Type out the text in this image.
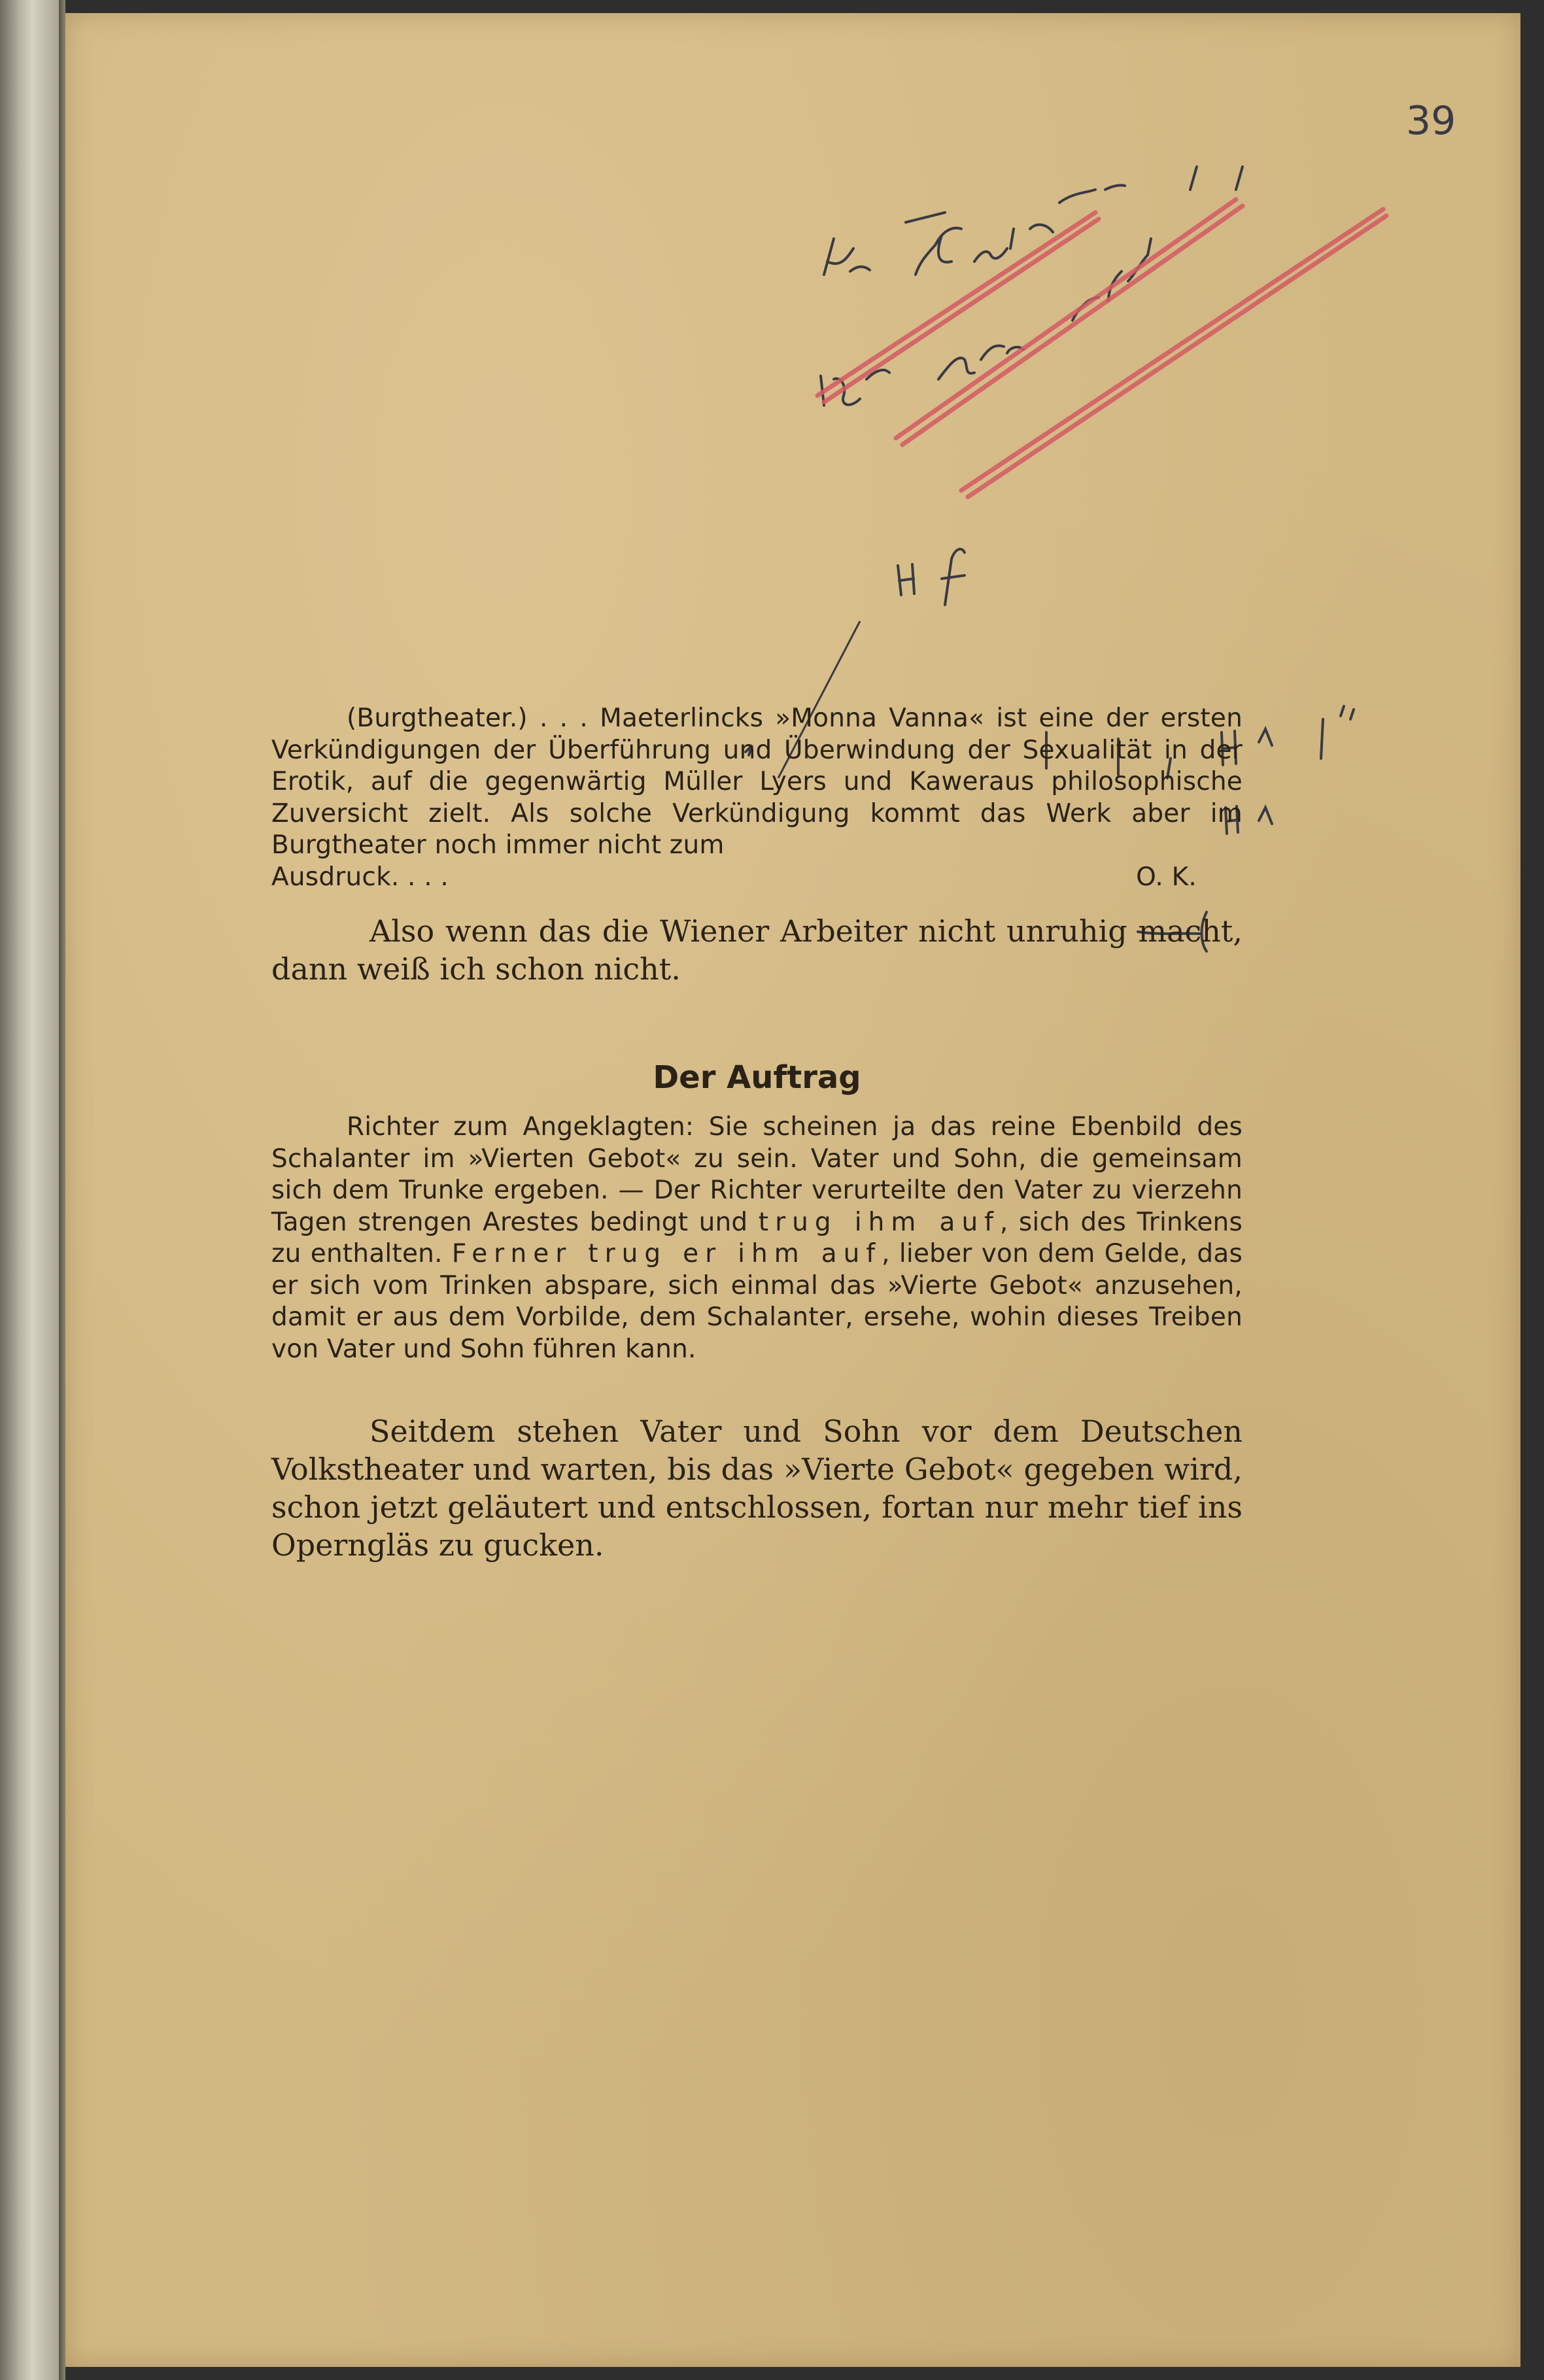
39

(Burgtheater.) . . . Maeterlincks »Monna Vanna« ist eine der ersten Verkündigungen der Überführung und Überwindung der Sexualität in der Erotik, auf die gegenwärtig Müller Lyers und Kaweraus philosophische Zuversicht zielt. Als solche Verkündigung kommt das Werk aber im Burgtheater noch immer nicht zum

Ausdruck. . . .	O. K.

Also wenn das die Wiener Arbeiter nicht unruhig macht, dann weiß ich schon nicht.

Der Auftrag

Richter zum Angeklagten: Sie scheinen ja das reine Ebenbild des Schalanter im »Vierten Gebot« zu sein. Vater und Sohn, die gemeinsam sich dem Trunke ergeben. — Der Richter verurteilte den Vater zu vierzehn Tagen strengen Arestes bedingt und trug ihm auf, sich des Trinkens zu enthalten. Ferner trug er ihm auf, lieber von dem Gelde, das er sich vom Trinken abspare, sich einmal das »Vierte Gebot« anzusehen, damit er aus dem Vorbilde, dem Schalanter, ersehe, wohin dieses Treiben von Vater und Sohn führen kann.

Seitdem stehen Vater und Sohn vor dem Deutschen Volkstheater und warten, bis das »Vierte Gebot« gegeben wird, schon jetzt geläutert und entschlossen, fortan nur mehr tief ins Operngläs zu gucken.
